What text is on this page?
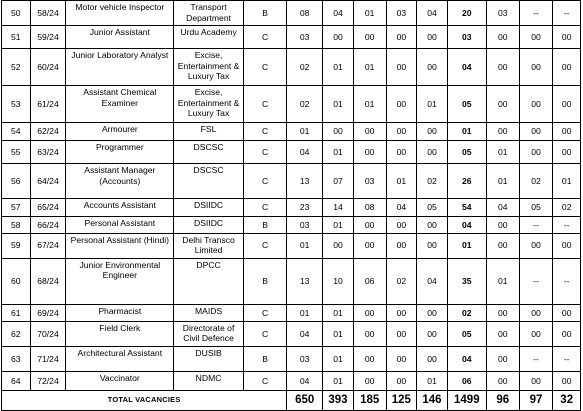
50	58/24	Motor vehicle Inspector	Transport Department	B	08	04	01	03	04	20	03	--	--
51	59/24	Junior Assistant	Urdu Academy	C	03	00	00	00	00	03	00	00	00
52	60/24	Junior Laboratory Analyst	Excise, Entertainment & Luxury Tax	C	02	01	01	00	00	04	00	00	00
53	61/24	Assistant Chemical Examiner	Excise, Entertainment & Luxury Tax	C	02	01	01	00	01	05	00	00	00
54	62/24	Armourer	FSL	C	01	00	00	00	00	01	00	00	00
55	63/24	Programmer	DSCSC	C	04	01	00	00	00	05	01	00	00
56	64/24	Assistant Manager (Accounts)	DSCSC	C	13	07	03	01	02	26	01	02	01
57	65/24	Accounts Assistant	DSIIDC	C	23	14	08	04	05	54	04	05	02
58	66/24	Personal Assistant	DSIIDC	B	03	01	00	00	00	04	00	--	--
59	67/24	Personal Assistant (Hindi)	Delhi Transco Limited	C	01	00	00	00	00	01	00	00	00
60	68/24	Junior Environmental Engineer	DPCC	B	13	10	06	02	04	35	01	--	--
61	69/24	Pharmacist	MAIDS	C	01	01	00	00	00	02	00	00	00
62	70/24	Field Clerk	Directorate of Civil Defence	C	04	01	00	00	00	05	00	00	00
63	71/24	Architectural Assistant	DUSIB	B	03	01	00	00	00	04	00	--	--
64	72/24	Vaccinator	NDMC	C	04	01	00	00	01	06	00	00	00
TOTAL VACANCIES					650	393	185	125	146	1499	96	97	32
